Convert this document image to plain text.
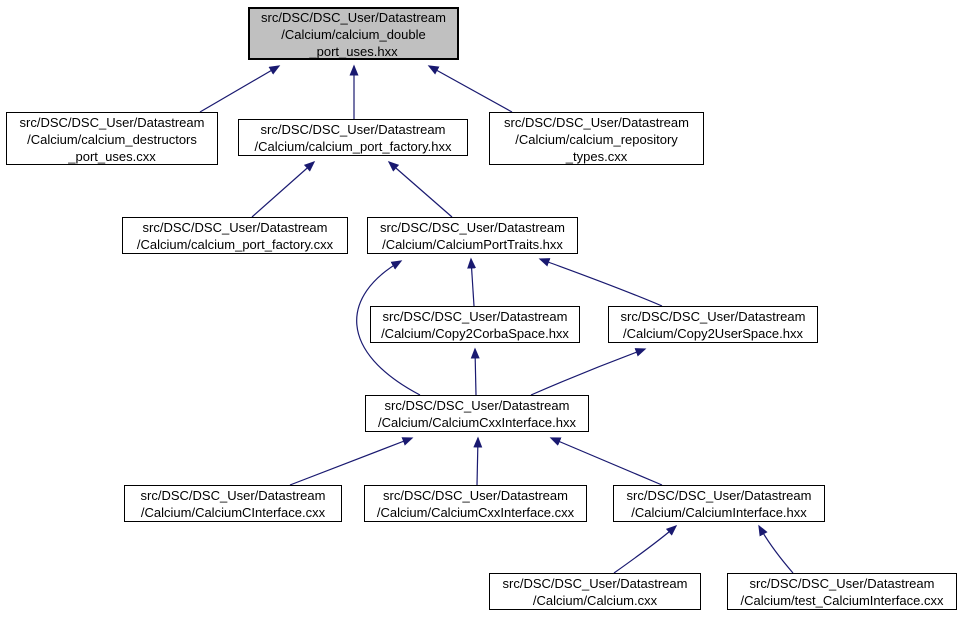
src/DSC/DSC_User/Datastream
/Calcium/calcium_double
_port_uses.hxx
src/DSC/DSC_User/Datastream
/Calcium/calcium_destructors
_port_uses.cxx
src/DSC/DSC_User/Datastream
/Calcium/calcium_port_factory.hxx
src/DSC/DSC_User/Datastream
/Calcium/calcium_repository
_types.cxx
src/DSC/DSC_User/Datastream
/Calcium/calcium_port_factory.cxx
src/DSC/DSC_User/Datastream
/Calcium/CalciumPortTraits.hxx
src/DSC/DSC_User/Datastream
/Calcium/Copy2CorbaSpace.hxx
src/DSC/DSC_User/Datastream
/Calcium/Copy2UserSpace.hxx
src/DSC/DSC_User/Datastream
/Calcium/CalciumCxxInterface.hxx
src/DSC/DSC_User/Datastream
/Calcium/CalciumCInterface.cxx
src/DSC/DSC_User/Datastream
/Calcium/CalciumCxxInterface.cxx
src/DSC/DSC_User/Datastream
/Calcium/CalciumInterface.hxx
src/DSC/DSC_User/Datastream
/Calcium/Calcium.cxx
src/DSC/DSC_User/Datastream
/Calcium/test_CalciumInterface.cxx
